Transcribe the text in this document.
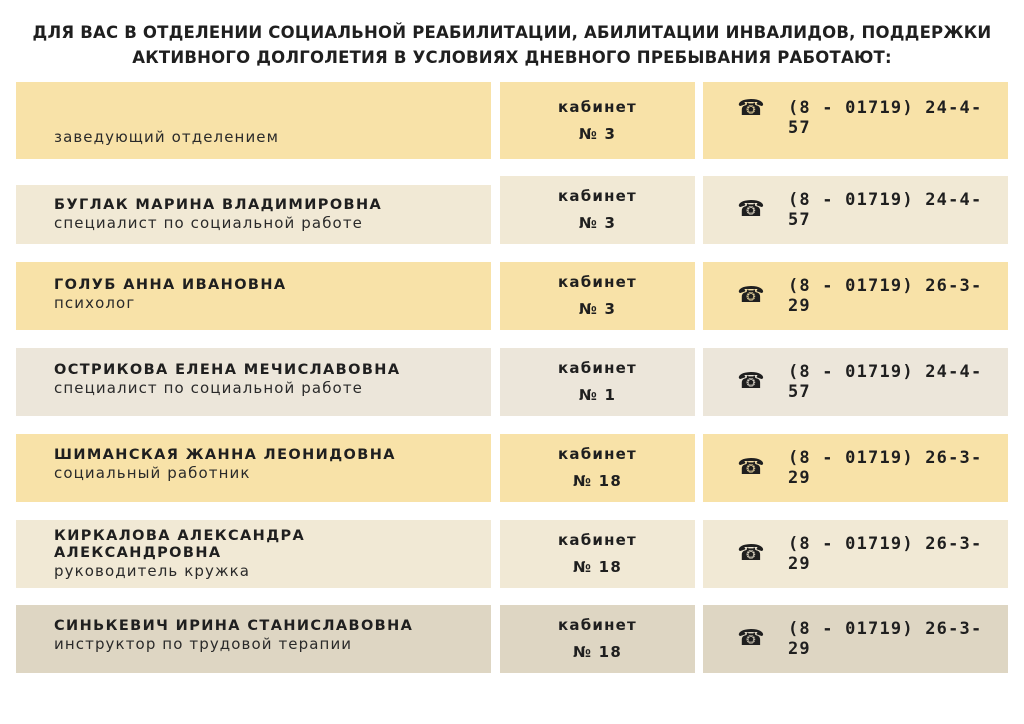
ДЛЯ ВАС В ОТДЕЛЕНИИ СОЦИАЛЬНОЙ РЕАБИЛИТАЦИИ, АБИЛИТАЦИИ ИНВАЛИДОВ, ПОДДЕРЖКИ
АКТИВНОГО ДОЛГОЛЕТИЯ В УСЛОВИЯХ ДНЕВНОГО ПРЕБЫВАНИЯ РАБОТАЮТ:
заведующий отделением
кабинет
№ 3
☎ (8 - 01719) 24-4-57
БУГЛАК МАРИНА ВЛАДИМИРОВНА
специалист по социальной работе
кабинет
№ 3
☎ (8 - 01719) 24-4-57
ГОЛУБ АННА ИВАНОВНА
психолог
кабинет
№ 3
☎ (8 - 01719) 26-3-29
ОСТРИКОВА ЕЛЕНА МЕЧИСЛАВОВНА
специалист по социальной работе
кабинет
№ 1
☎ (8 - 01719) 24-4-57
ШИМАНСКАЯ ЖАННА ЛЕОНИДОВНА
социальный работник
кабинет
№ 18
☎ (8 - 01719) 26-3-29
КИРКАЛОВА АЛЕКСАНДРА АЛЕКСАНДРОВНА
руководитель кружка
кабинет
№ 18
☎ (8 - 01719) 26-3-29
СИНЬКЕВИЧ ИРИНА СТАНИСЛАВОВНА
инструктор по трудовой терапии
кабинет
№ 18
☎ (8 - 01719) 26-3-29
